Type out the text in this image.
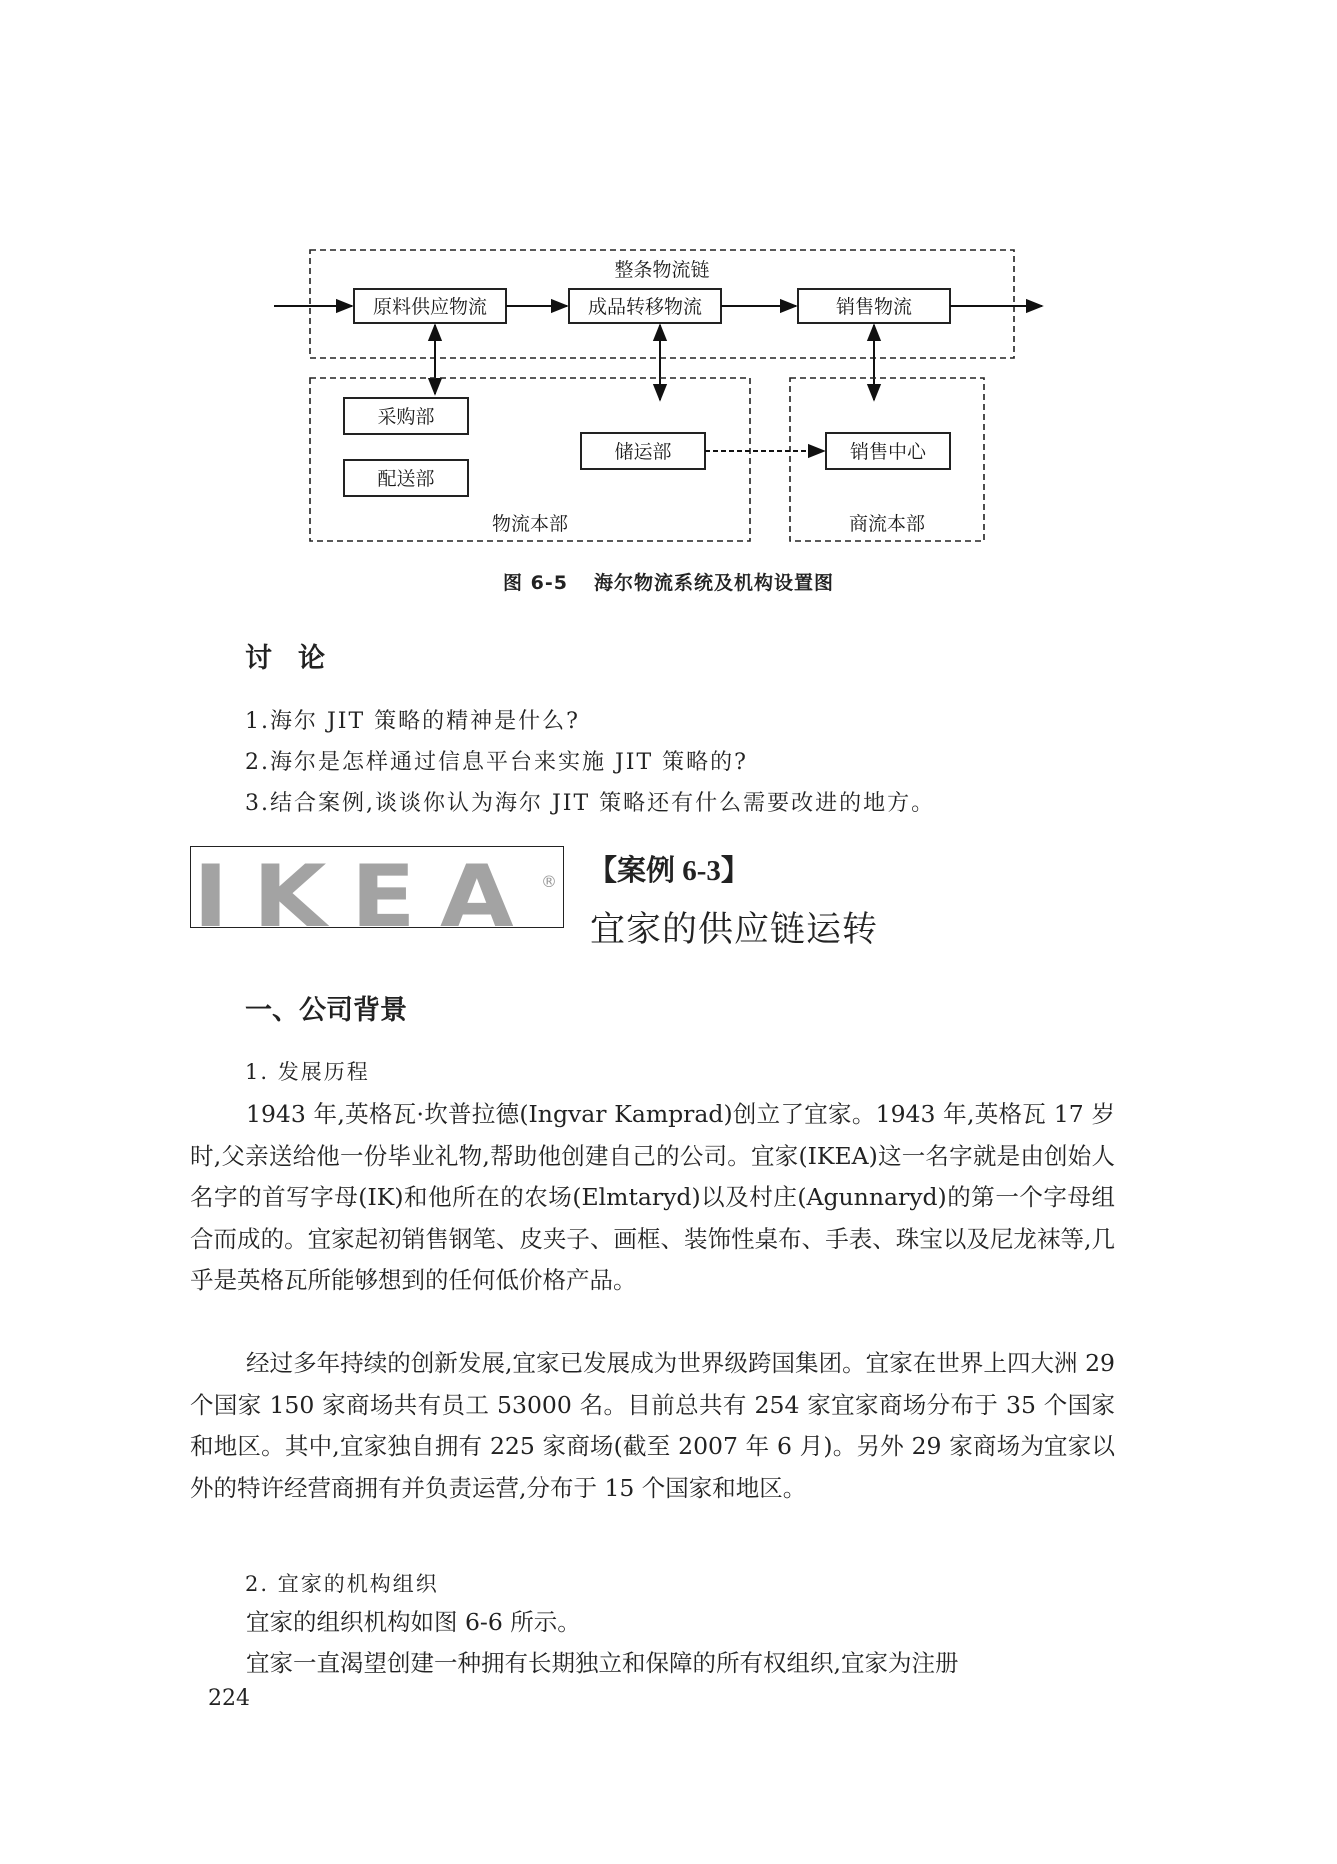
整条物流链
原料供应物流	成品转移物流	销售物流
物流本部	商流本部
采购部
配送部
储运部	销售中心
图 6-5 海尔物流系统及机构设置图
讨论
1.海尔 JIT 策略的精神是什么?
2.海尔是怎样通过信息平台来实施 JIT 策略的?
3.结合案例,谈谈你认为海尔 JIT 策略还有什么需要改进的地方。
IKEA ® 【案例 6-3】
宜家的供应链运转
一、公司背景
1. 发展历程
1943 年,英格瓦·坎普拉德(Ingvar Kamprad)创立了宜家。1943 年,英格瓦 17 岁时,父亲送给他一份毕业礼物,帮助他创建自己的公司。宜家(IKEA)这一名字就是由创始人名字的首写字母(IK)和他所在的农场(Elmtaryd)以及村庄(Agunnaryd)的第一个字母组合而成的。宜家起初销售钢笔、皮夹子、画框、装饰性桌布、手表、珠宝以及尼龙袜等,几乎是英格瓦所能够想到的任何低价格产品。
经过多年持续的创新发展,宜家已发展成为世界级跨国集团。宜家在世界上四大洲 29 个国家 150 家商场共有员工 53000 名。目前总共有 254 家宜家商场分布于 35 个国家和地区。其中,宜家独自拥有 225 家商场(截至 2007 年 6 月)。另外 29 家商场为宜家以外的特许经营商拥有并负责运营,分布于 15 个国家和地区。
2. 宜家的机构组织
宜家的组织机构如图 6-6 所示。
宜家一直渴望创建一种拥有长期独立和保障的所有权组织,宜家为注册
224
